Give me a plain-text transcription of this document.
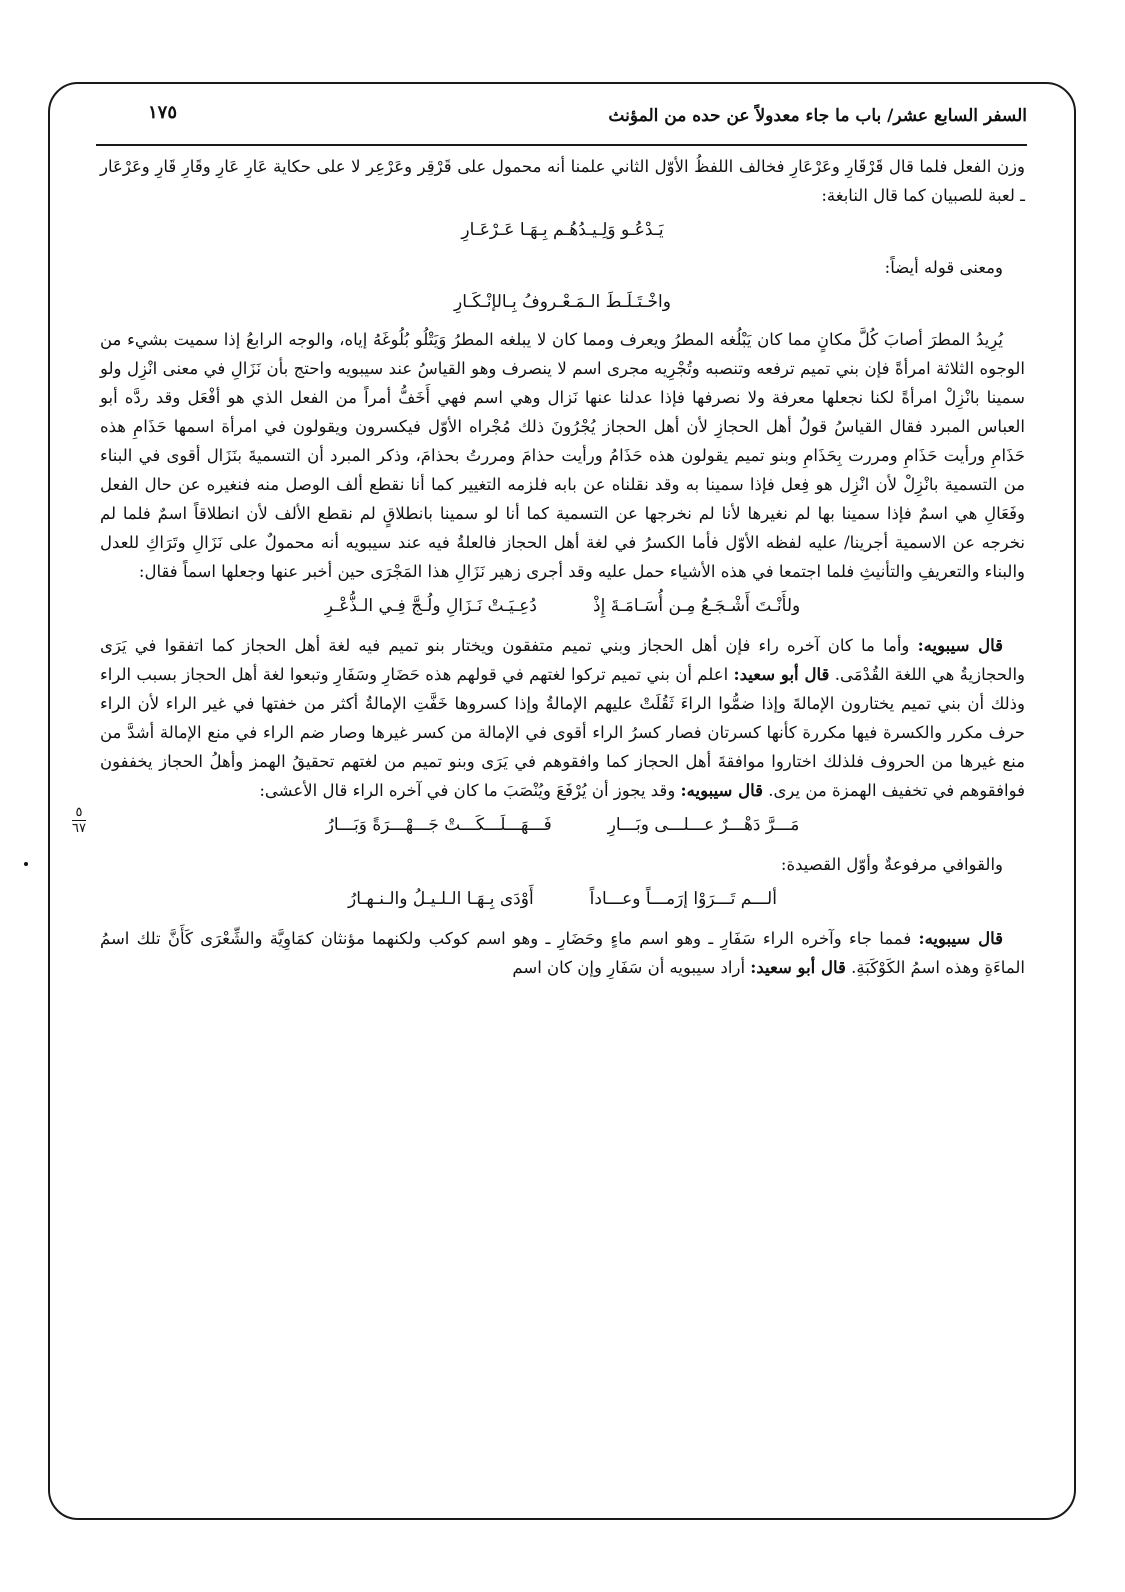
السفر السابع عشر/ باب ما جاء معدولاً عن حده من المؤنث
١٧٥
٥
٦٧

وزن الفعل فلما قال قَرْقَارِ وعَرْعَارِ فخالف اللفظُ الأوّل الثاني علمنا أنه محمول على قَرْقِر وعَرْعِر لا على حكاية عَارِ عَارِ وقَارِ قَارِ وعَرْعَار ـ لعبة للصبيان كما قال النابغة:

يَـدْعُـو وَلِـيـدُهُـم بِـهَـا عَـرْعَـارِ

ومعنى قوله أيضاً:

واخْـتَـلَـطَ الـمَـعْـروفُ بِـالإنْـكَـارِ

يُرِيدُ المطرَ أصابَ كُلَّ مكانٍ مما كان يَبْلُغه المطرُ ويعرف ومما كان لا يبلغه المطرُ وَيَتْلُو بُلُوغَهُ إياه، والوجه الرابعُ إذا سميت بشيء من الوجوه الثلاثة امرأةً فإن بني تميم ترفعه وتنصبه وتُجْرِيه مجرى اسم لا ينصرف وهو القياسُ عند سيبويه واحتج بأن نَزَالِ في معنى انْزِل ولو سمينا بانْزِلْ امرأةً لكنا نجعلها معرفة ولا نصرفها فإذا عدلنا عنها نَزال وهي اسم فهي أَخَفُّ أمراً من الفعل الذي هو أفْعَل وقد ردَّه أبو العباس المبرد فقال القياسُ قولُ أهل الحجازِ لأن أهل الحجاز يُجْرُونَ ذلك مُجْراه الأوّل فيكسرون ويقولون في امرأة اسمها حَذَامِ هذه حَذَامِ ورأيت حَذَامِ ومررت بِحَذَامِ وبنو تميم يقولون هذه حَذَامُ ورأيت حذامَ ومررتُ بحذامَ، وذكر المبرد أن التسميةَ بنَزَال أقوى في البناء من التسمية بانْزِلْ لأن انْزِل هو فِعل فإذا سمينا به وقد نقلناه عن بابه فلزمه التغيير كما أنا نقطع ألف الوصل منه فنغيره عن حال الفعل وفَعَالِ هي اسمٌ فإذا سمينا بها لم نغيرها لأنا لم نخرجها عن التسمية كما أنا لو سمينا بانطلاقٍ لم نقطع الألف لأن انطلاقاً اسمٌ فلما لم نخرجه عن الاسمية أجرينا/ عليه لفظه الأوّل فأما الكسرُ في لغة أهل الحجاز فالعلةُ فيه عند سيبويه أنه محمولٌ على نَزَالِ وتَرَاكِ للعدل والبناء والتعريفِ والتأنيثِ فلما اجتمعا في هذه الأشياء حمل عليه وقد أجرى زهير نَزَالِ هذا المَجْرَى حين أخبر عنها وجعلها اسماً فقال:

ولأَنْـتَ أَشْـجَـعُ مِـن أُسَـامَـةَ إِذْ
دُعِـيَـتْ نَـزَالِ ولُـجَّ فِـي الـذُّعْـرِ

قال سيبويه: وأما ما كان آخره راء فإن أهل الحجاز وبني تميم متفقون ويختار بنو تميم فيه لغة أهل الحجاز كما اتفقوا في يَرَى والحجازيةُ هي اللغة القُدْمَى. قال أبو سعيد: اعلم أن بني تميم تركوا لغتهم في قولهم هذه حَضَارِ وسَفَارِ وتبعوا لغة أهل الحجاز بسبب الراء وذلك أن بني تميم يختارون الإمالةَ وإذا ضمُّوا الراءَ ثَقُلَتْ عليهم الإمالةُ وإذا كسروها خَفَّتِ الإمالةُ أكثر من خفتها في غير الراء لأن الراء حرف مكرر والكسرة فيها مكررة كأنها كسرتان فصار كسرُ الراء أقوى في الإمالة من كسر غيرها وصار ضم الراء في منع الإمالة أشدَّ من منع غيرها من الحروف فلذلك اختاروا موافقةَ أهل الحجاز كما وافقوهم في يَرَى وبنو تميم من لغتهم تحقيقُ الهمز وأهلُ الحجاز يخففون فوافقوهم في تخفيف الهمزة من يرى. قال سيبويه: وقد يجوز أن يُرْفَعَ ويُنْصَبَ ما كان في آخره الراء قال الأعشى:

مَـــرَّ دَهْـــرٌ عـــلـــى وبَـــارِ
فَـــهَـــلَـــكَـــتْ جَـــهْـــرَةً وَبَـــارُ

والقوافي مرفوعةٌ وأوّل القصيدة:

ألـــم تَـــرَوْا إرَمـــاً وعـــاداً
أَوْدَى بِـهَـا الـلـيـلُ والـنـهـارُ

قال سيبويه: فمما جاء وآخره الراء سَفَارِ ـ وهو اسم ماءٍ وحَضَارِ ـ وهو اسم كوكب ولكنهما مؤنثان كمَاوِيَّة والشِّعْرَى كَأَنَّ تلك اسمُ الماءَةِ وهذه اسمُ الكَوْكَبَةِ. قال أبو سعيد: أراد سيبويه أن سَفَارِ وإن كان اسم
